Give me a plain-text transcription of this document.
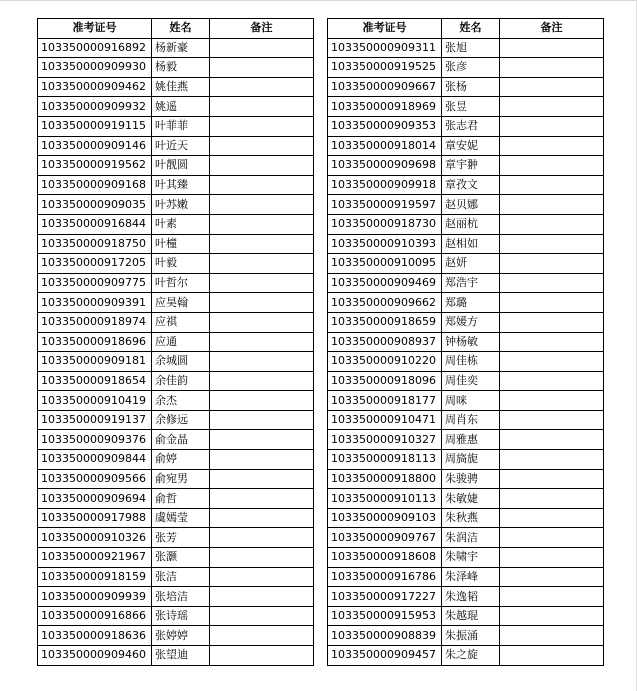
准考证号	姓名	备注
103350000916892	杨新豪	
103350000909930	杨毅	
103350000909462	姚佳燕	
103350000909932	姚遥	
103350000919115	叶菲菲	
103350000909146	叶近天	
103350000919562	叶靓圆	
103350000909168	叶其臻	
103350000909035	叶苏嫩	
103350000916844	叶素	
103350000918750	叶橦	
103350000917205	叶毅	
103350000909775	叶哲尔	
103350000909391	应昊翰	
103350000918974	应祺	
103350000918696	应通	
103350000909181	余城圆	
103350000918654	余佳韵	
103350000910419	余杰	
103350000919137	余修远	
103350000909376	俞金晶	
103350000909844	俞婷	
103350000909566	俞宛男	
103350000909694	俞哲	
103350000917988	虞嫣莹	
103350000910326	张芳	
103350000921967	张灏	
103350000918159	张洁	
103350000909939	张培洁	
103350000916866	张诗瑶	
103350000918636	张婷婷	
103350000909460	张望迪	
准考证号	姓名	备注
103350000909311	张旭	
103350000919525	张彦	
103350000909667	张杨	
103350000918969	张昱	
103350000909353	张志君	
103350000918014	章安妮	
103350000909698	章宇翀	
103350000909918	章孜文	
103350000919597	赵贝娜	
103350000918730	赵丽杭	
103350000910393	赵相如	
103350000910095	赵妍	
103350000909469	郑浩宇	
103350000909662	郑璐	
103350000918659	郑媛方	
103350000908937	钟杨敏	
103350000910220	周佳栋	
103350000918096	周佳奕	
103350000918177	周咪	
103350000910471	周肖东	
103350000910327	周雅惠	
103350000918113	周旖旎	
103350000918800	朱骏骋	
103350000910113	朱敏婕	
103350000909103	朱秋燕	
103350000909767	朱润洁	
103350000918608	朱啸宇	
103350000916786	朱泽峰	
103350000917227	朱逸韬	
103350000915953	朱越琨	
103350000908839	朱振涌	
103350000909457	朱之旋	
